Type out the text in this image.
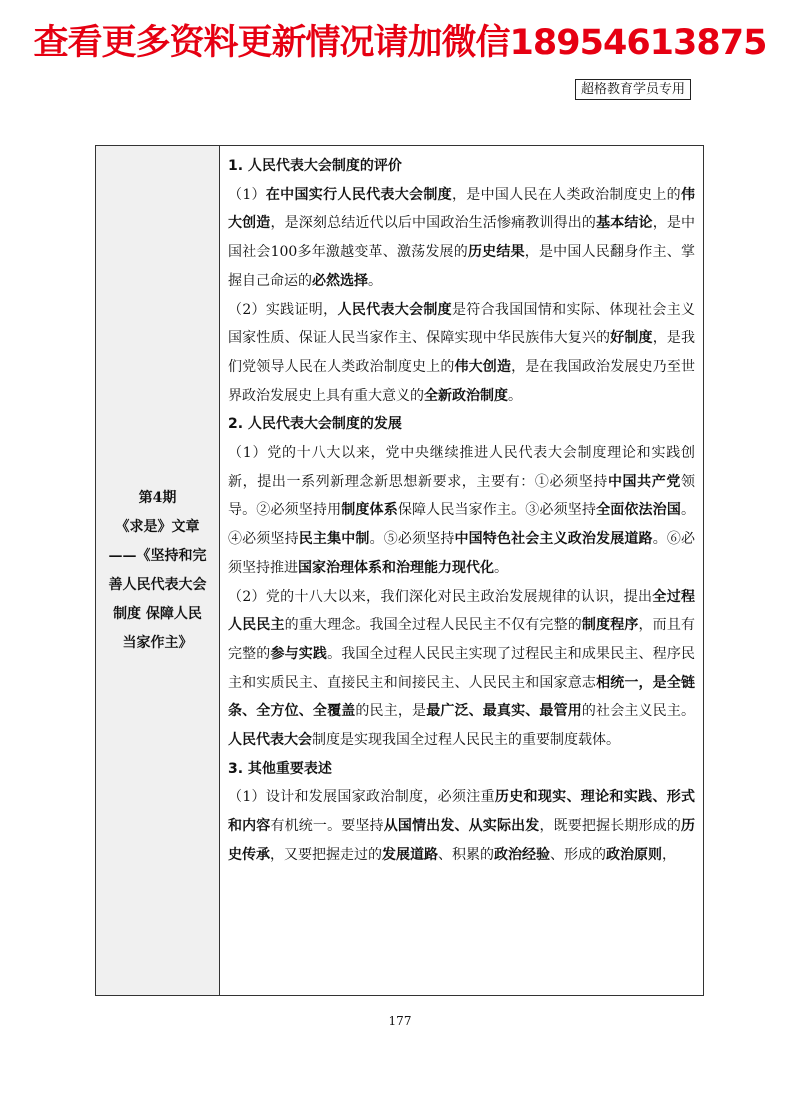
查看更多资料更新情况请加微信18954613875
超格教育学员专用
第4期
《求是》文章
——《坚持和完
善人民代表大会
制度 保障人民
当家作主》
1. 人民代表大会制度的评价
（1）在中国实行人民代表大会制度，是中国人民在人类政治制度史上的伟大创造，是深刻总结近代以后中国政治生活惨痛教训得出的基本结论，是中国社会100多年激越变革、激荡发展的历史结果，是中国人民翻身作主、掌握自己命运的必然选择。
（2）实践证明，人民代表大会制度是符合我国国情和实际、体现社会主义国家性质、保证人民当家作主、保障实现中华民族伟大复兴的好制度，是我们党领导人民在人类政治制度史上的伟大创造，是在我国政治发展史乃至世界政治发展史上具有重大意义的全新政治制度。
2. 人民代表大会制度的发展
（1）党的十八大以来，党中央继续推进人民代表大会制度理论和实践创新，提出一系列新理念新思想新要求，主要有：①必须坚持中国共产党领导。②必须坚持用制度体系保障人民当家作主。③必须坚持全面依法治国。④必须坚持民主集中制。⑤必须坚持中国特色社会主义政治发展道路。⑥必须坚持推进国家治理体系和治理能力现代化。
（2）党的十八大以来，我们深化对民主政治发展规律的认识，提出全过程人民民主的重大理念。我国全过程人民民主不仅有完整的制度程序，而且有完整的参与实践。我国全过程人民民主实现了过程民主和成果民主、程序民主和实质民主、直接民主和间接民主、人民民主和国家意志相统一，是全链条、全方位、全覆盖的民主，是最广泛、最真实、最管用的社会主义民主。人民代表大会制度是实现我国全过程人民民主的重要制度载体。
3. 其他重要表述
（1）设计和发展国家政治制度，必须注重历史和现实、理论和实践、形式和内容有机统一。要坚持从国情出发、从实际出发，既要把握长期形成的历史传承，又要把握走过的发展道路、积累的政治经验、形成的政治原则，
177
